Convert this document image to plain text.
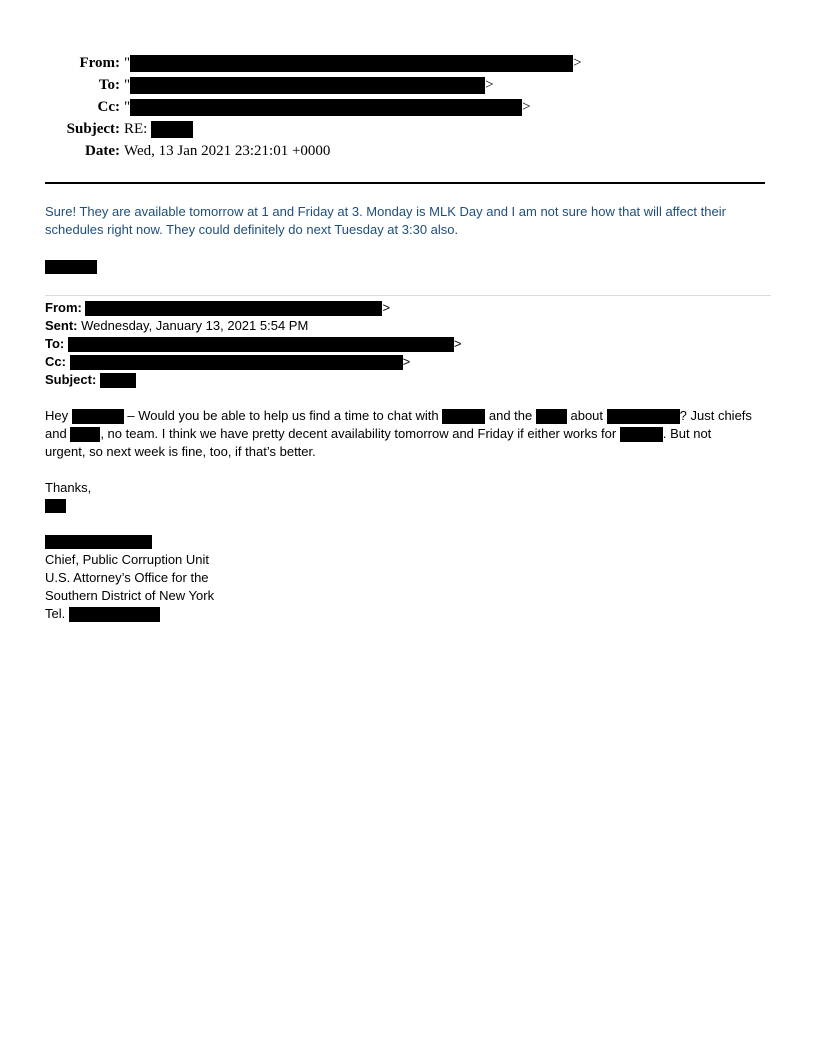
From: "	>
To: "	>
Cc: "	>
Subject: RE:
Date: Wed, 13 Jan 2021 23:21:01 +0000
Sure! They are available tomorrow at 1 and Friday at 3. Monday is MLK Day and I am not sure how that will affect their schedules right now. They could definitely do next Tuesday at 3:30 also.
From:	>
Sent: Wednesday, January 13, 2021 5:54 PM
To:	>
Cc:	>
Subject:
Hey	– Would you be able to help us find a time to chat with	and the	about	? Just chiefs
and	, no team. I think we have pretty decent availability tomorrow and Friday if either works for	. But not
urgent, so next week is fine, too, if that’s better.
Thanks,
Chief, Public Corruption Unit
U.S. Attorney’s Office for the
Southern District of New York
Tel.
